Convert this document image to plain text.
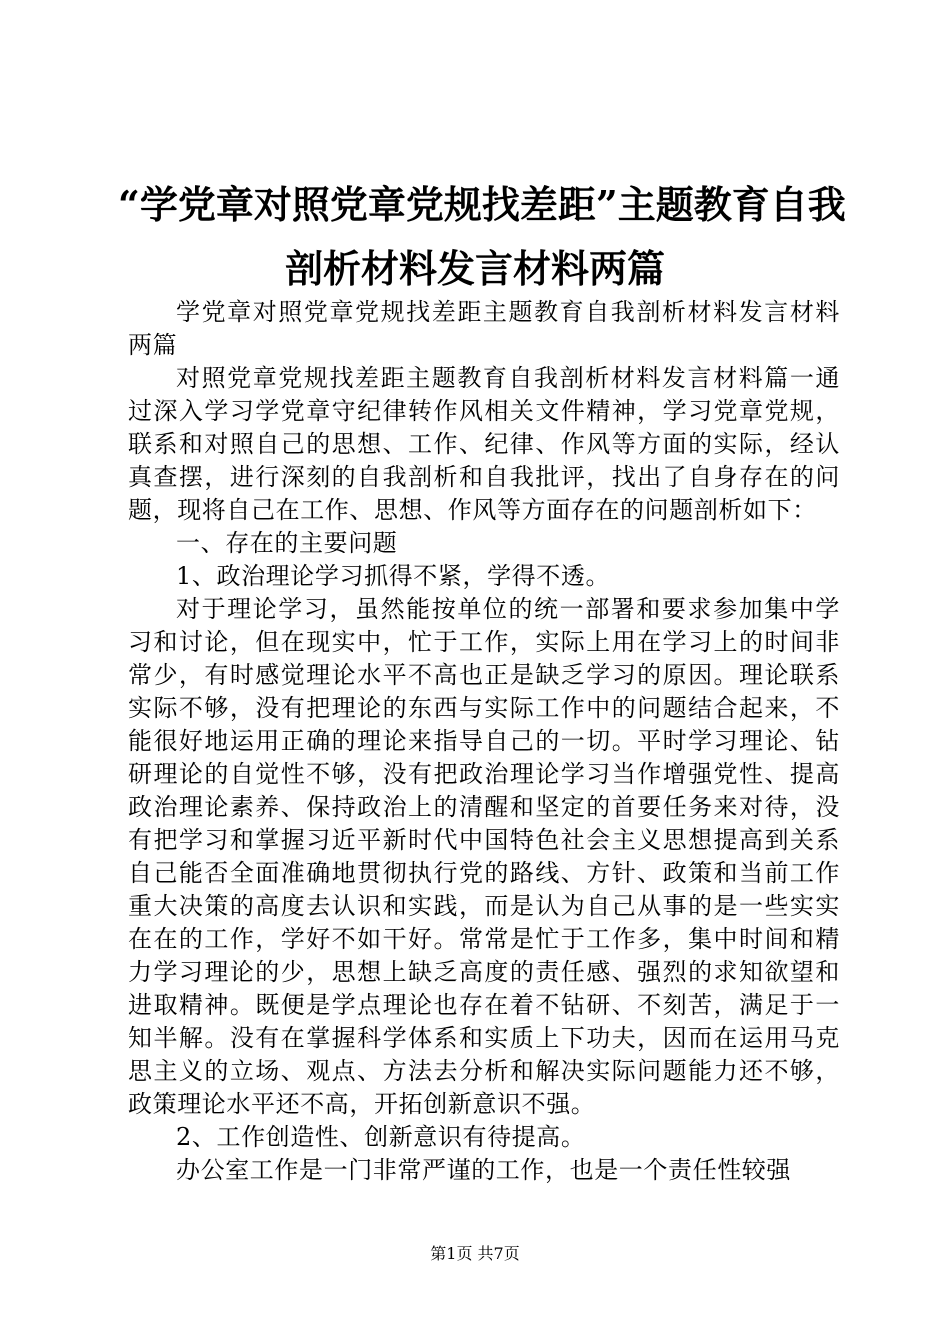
“学党章对照党章党规找差距”主题教育自我
剖析材料发言材料两篇

学党章对照党章党规找差距主题教育自我剖析材料发言材料两篇

对照党章党规找差距主题教育自我剖析材料发言材料篇一通过深入学习学党章守纪律转作风相关文件精神，学习党章党规，联系和对照自己的思想、工作、纪律、作风等方面的实际，经认真查摆，进行深刻的自我剖析和自我批评，找出了自身存在的问题，现将自己在工作、思想、作风等方面存在的问题剖析如下：

一、存在的主要问题

1、政治理论学习抓得不紧，学得不透。

对于理论学习，虽然能按单位的统一部署和要求参加集中学习和讨论，但在现实中，忙于工作，实际上用在学习上的时间非常少，有时感觉理论水平不高也正是缺乏学习的原因。理论联系实际不够，没有把理论的东西与实际工作中的问题结合起来，不能很好地运用正确的理论来指导自己的一切。平时学习理论、钻研理论的自觉性不够，没有把政治理论学习当作增强党性、提高政治理论素养、保持政治上的清醒和坚定的首要任务来对待，没有把学习和掌握习近平新时代中国特色社会主义思想提高到关系自己能否全面准确地贯彻执行党的路线、方针、政策和当前工作重大决策的高度去认识和实践，而是认为自己从事的是一些实实在在的工作，学好不如干好。常常是忙于工作多，集中时间和精力学习理论的少，思想上缺乏高度的责任感、强烈的求知欲望和进取精神。既便是学点理论也存在着不钻研、不刻苦，满足于一知半解。没有在掌握科学体系和实质上下功夫，因而在运用马克思主义的立场、观点、方法去分析和解决实际问题能力还不够，政策理论水平还不高，开拓创新意识不强。

2、工作创造性、创新意识有待提高。

办公室工作是一门非常严谨的工作，也是一个责任性较强

第1页 共7页
